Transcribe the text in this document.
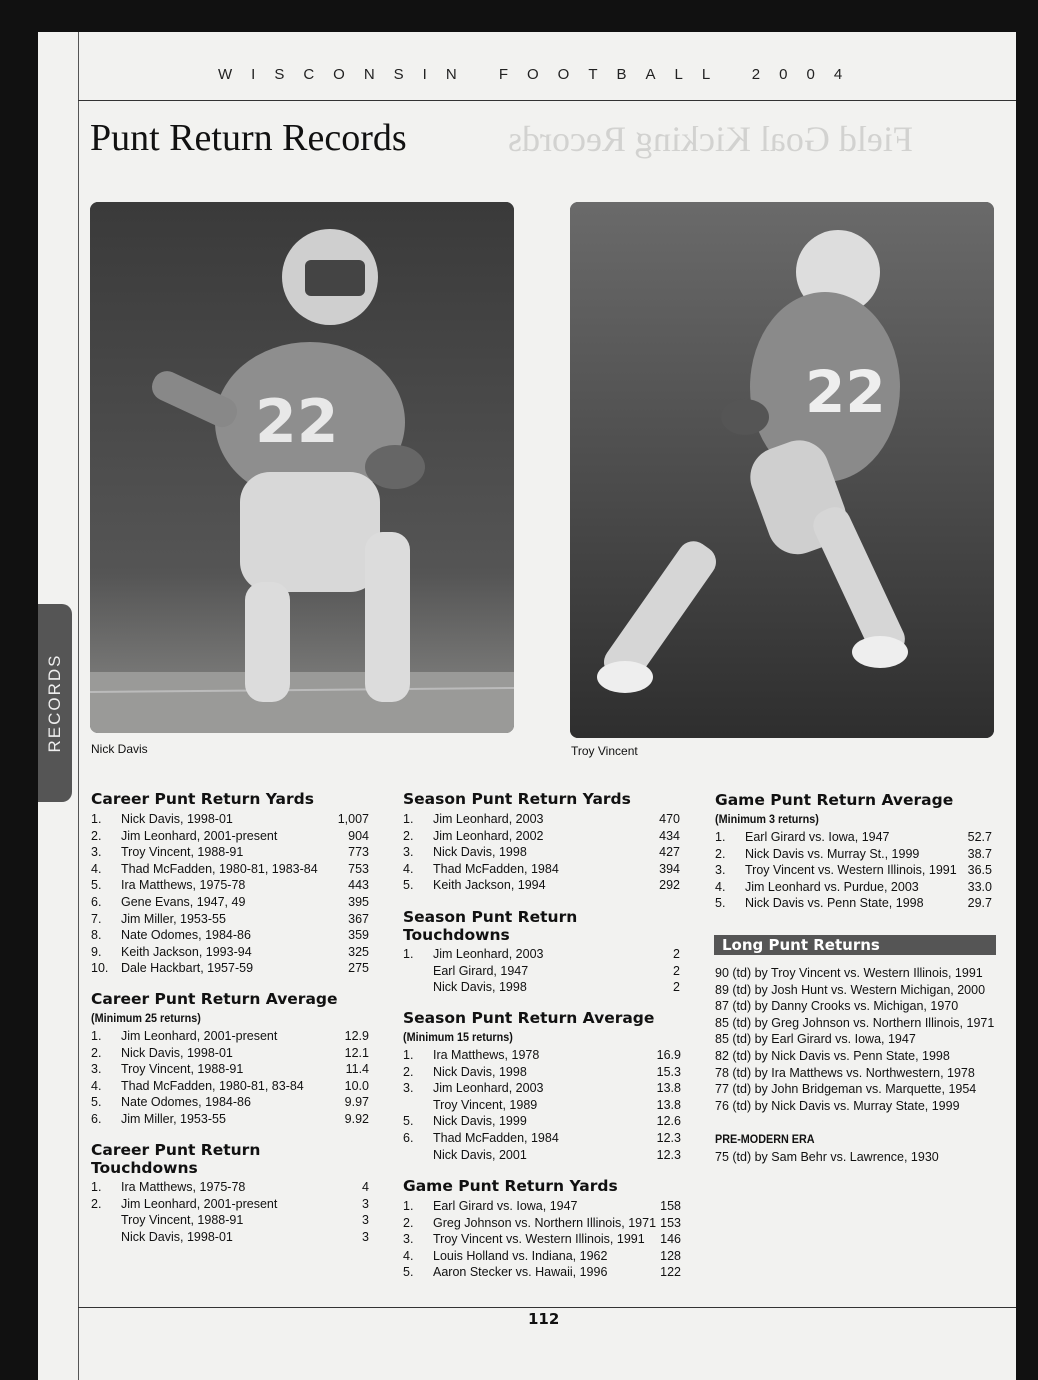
WISCONSIN FOOTBALL 2004
Field Goal Kicking Records
Punt Return Records
RECORDS
22
Nick Davis
22
Troy Vincent
Career Punt Return Yards
1. Nick Davis, 1998-01	1,007
2. Jim Leonhard, 2001-present	904
3. Troy Vincent, 1988-91	773
4. Thad McFadden, 1980-81, 1983-84 753
5. Ira Matthews, 1975-78	443
6. Gene Evans, 1947, 49	395
7. Jim Miller, 1953-55	367
8. Nate Odomes, 1984-86	359
9. Keith Jackson, 1993-94	325
10. Dale Hackbart, 1957-59	275
Career Punt Return Average
(Minimum 25 returns)
1. Jim Leonhard, 2001-present	12.9
2. Nick Davis, 1998-01	12.1
3. Troy Vincent, 1988-91	11.4
4. Thad McFadden, 1980-81, 83-84	10.0
5. Nate Odomes, 1984-86	9.97
6. Jim Miller, 1953-55	9.92
Career Punt Return
Touchdowns
1. Ira Matthews, 1975-78	4
2. Jim Leonhard, 2001-present	3
Troy Vincent, 1988-91	3
Nick Davis, 1998-01	3
Season Punt Return Yards
1. Jim Leonhard, 2003	470
2. Jim Leonhard, 2002	434
3. Nick Davis, 1998	427
4. Thad McFadden, 1984	394
5. Keith Jackson, 1994	292
Season Punt Return
Touchdowns
1. Jim Leonhard, 2003	2
Earl Girard, 1947	2
Nick Davis, 1998	2
Season Punt Return Average
(Minimum 15 returns)
1. Ira Matthews, 1978	16.9
2. Nick Davis, 1998	15.3
3. Jim Leonhard, 2003	13.8
Troy Vincent, 1989	13.8
5. Nick Davis, 1999	12.6
6. Thad McFadden, 1984	12.3
Nick Davis, 2001	12.3
Game Punt Return Yards
1. Earl Girard vs. Iowa, 1947	158
2. Greg Johnson vs. Northern Illinois, 1971 153
3. Troy Vincent vs. Western Illinois, 1991 146
4. Louis Holland vs. Indiana, 1962	128
5. Aaron Stecker vs. Hawaii, 1996	122
Game Punt Return Average
(Minimum 3 returns)
1. Earl Girard vs. Iowa, 1947	52.7
2. Nick Davis vs. Murray St., 1999	38.7
3. Troy Vincent vs. Western Illinois, 1991 36.5
4. Jim Leonhard vs. Purdue, 2003	33.0
5. Nick Davis vs. Penn State, 1998	29.7
Long Punt Returns
90 (td) by Troy Vincent vs. Western Illinois, 1991
89 (td) by Josh Hunt vs. Western Michigan, 2000
87 (td) by Danny Crooks vs. Michigan, 1970
85 (td) by Greg Johnson vs. Northern Illinois, 1971
85 (td) by Earl Girard vs. Iowa, 1947
82 (td) by Nick Davis vs. Penn State, 1998
78 (td) by Ira Matthews vs. Northwestern, 1978
77 (td) by John Bridgeman vs. Marquette, 1954
76 (td) by Nick Davis vs. Murray State, 1999
PRE-MODERN ERA
75 (td) by Sam Behr vs. Lawrence, 1930
112
